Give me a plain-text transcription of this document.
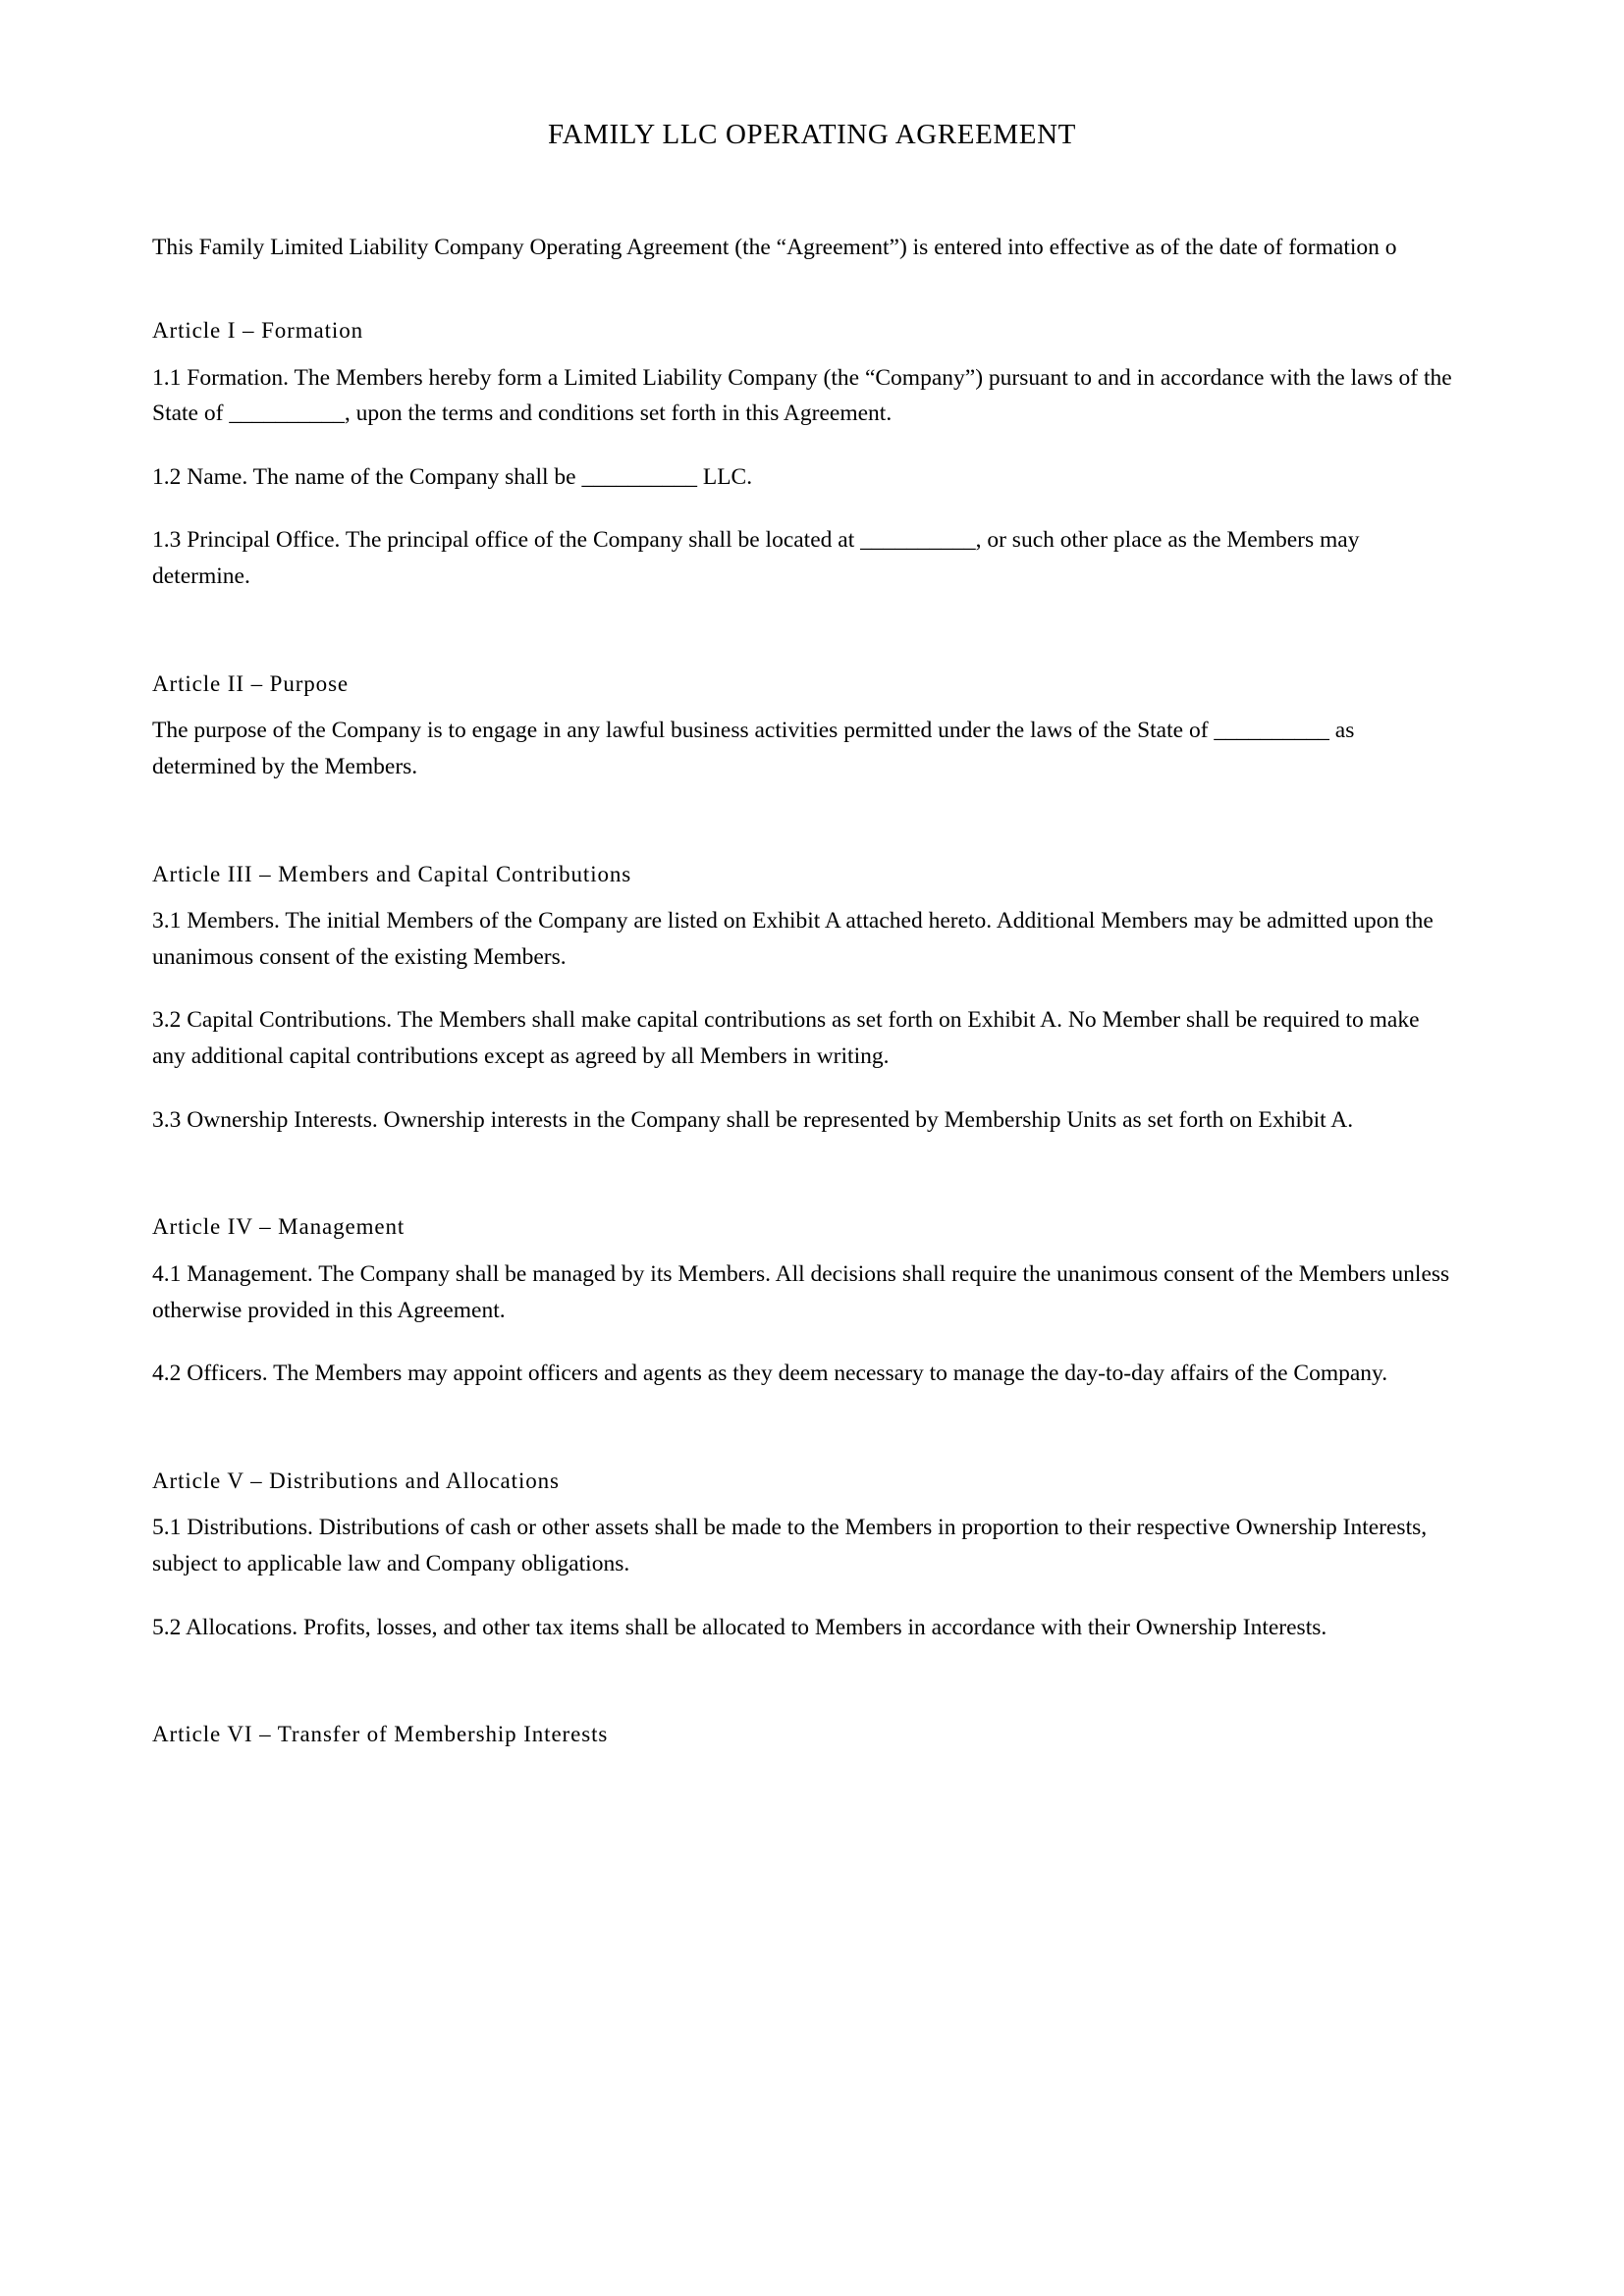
FAMILY LLC OPERATING AGREEMENT

This Family Limited Liability Company Operating Agreement (the “Agreement”) is entered into effective as of the date of formation o

Article I – Formation

1.1 Formation. The Members hereby form a Limited Liability Company (the “Company”) pursuant to and in accordance with the laws of the State of __________, upon the terms and conditions set forth in this Agreement.

1.2 Name. The name of the Company shall be __________ LLC.

1.3 Principal Office. The principal office of the Company shall be located at __________, or such other place as the Members may determine.

Article II – Purpose

The purpose of the Company is to engage in any lawful business activities permitted under the laws of the State of __________ as determined by the Members.

Article III – Members and Capital Contributions

3.1 Members. The initial Members of the Company are listed on Exhibit A attached hereto. Additional Members may be admitted upon the unanimous consent of the existing Members.

3.2 Capital Contributions. The Members shall make capital contributions as set forth on Exhibit A. No Member shall be required to make any additional capital contributions except as agreed by all Members in writing.

3.3 Ownership Interests. Ownership interests in the Company shall be represented by Membership Units as set forth on Exhibit A.

Article IV – Management

4.1 Management. The Company shall be managed by its Members. All decisions shall require the unanimous consent of the Members unless otherwise provided in this Agreement.

4.2 Officers. The Members may appoint officers and agents as they deem necessary to manage the day-to-day affairs of the Company.

Article V – Distributions and Allocations

5.1 Distributions. Distributions of cash or other assets shall be made to the Members in proportion to their respective Ownership Interests, subject to applicable law and Company obligations.

5.2 Allocations. Profits, losses, and other tax items shall be allocated to Members in accordance with their Ownership Interests.

Article VI – Transfer of Membership Interests
